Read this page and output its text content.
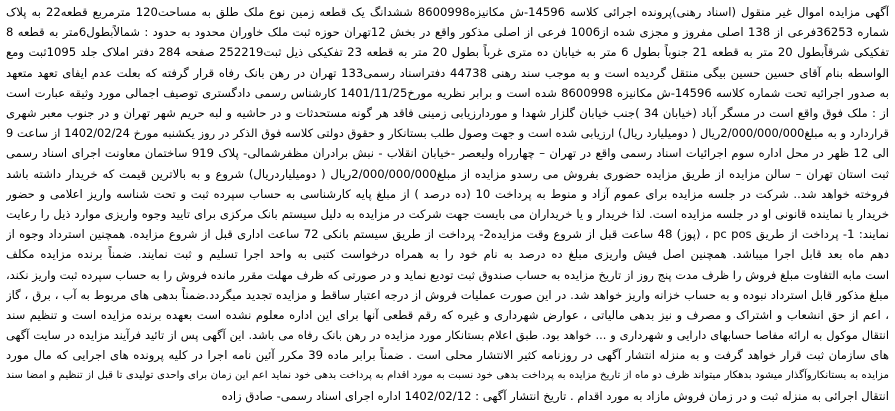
آگهی مزایده اموال غیر منقول (اسناد رهنی)پرونده اجرائی کلاسه 14596-ش مکانیزه8600998 ششدانگ یک قطعه زمین نوع ملک طلق به مساحت120 مترمربع قطعه22 به پلاک
شماره 36253فرعی از 138 اصلی مفروز و مجزی شده از1006 فرعی از اصلی مذکور واقع در بخش 12تهران حوزه ثبت ملک خاوران محدود به حدود : شمالاًبطول6متر به قطعه 8
تفکیکی شرقاًبطول 20 متر به قطعه 21 جنوباً بطول 6 متر به خیابان ده متری غرباً بطول 20 متر به قطعه 23 تفکیکی ذیل ثبت252219 صفحه 284 دفتر املاک جلد 1095ثبت ومع
الواسطه بنام آقای حسین حسین بیگی منتقل گردیده است و به موجب سند رهنی 44738 دفتراسناد رسمی133 تهران در رهن بانک رفاه قرار گرفته که بعلت عدم ایفای تعهد متعهد
به صدور اجرائیه تحت شماره کلاسه 14596-ش مکانیزه 8600998 شده است و برابر نظریه مورخ1401/11/25 کارشناس رسمی دادگستری توصیف اجمالی مورد وثیقه عبارت است
از : ملک فوق واقع است در مسگر آباد (خیابان 34 )جنب خیابان گلزار شهدا و موردارزیابی زمینی فاقد هر گونه مستحدثات و در حاشیه و لبه حریم شهر تهران و در جنوب معبر شهری
قراردارد و به مبلغ2/000/000/000ریال ( دومیلیارد ریال) ارزیابی شده است و جهت وصول طلب بستانکار و حقوق دولتی کلاسه فوق الذکر در روز یکشنبه مورخ 1402/02/24 از ساعت 9
الی 12 ظهر در محل اداره سوم اجرائیات اسناد رسمی واقع در تهران – چهارراه ولیعصر -خیابان انقلاب - نبش برادران مظفرشمالی- پلاک 919 ساختمان معاونت اجرای اسناد رسمی
ثبت استان تهران – سالن مزایده از طریق مزایده حضوری بفروش می رسدو مزایده از مبلغ2/000/000/000ریال ( دومیلیاردریال) شروع و به بالاترین قیمت که خریدار داشته باشد
فروخته خواهد شد.. شرکت در جلسه مزایده برای عموم آزاد و منوط به پرداخت 10 (ده درصد ) از مبلغ پایه کارشناسی به حساب سپرده ثبت و تحت شناسه واریز اعلامی و حضور
خریدار یا نماینده قانونی او در جلسه مزایده است. لذا خریدار و یا خریداران می بایست جهت شرکت در مزایده به دلیل سیستم بانک مرکزی برای تایید وجوه واریزی موارد ذیل را رعایت
نمایند: 1- پرداخت از طریق pc pos ، (پوز) 48 ساعت قبل از شروع وقت مزایده2- پرداخت از طریق سیستم بانکی 72 ساعت اداری قبل از شروع مزایده. همچنین استرداد وجوه از
دهم ماه بعد قابل اجرا میباشد. همچنین اصل فیش واریزی مبلغ ده درصد به نام خود را به همراه درخواست کتبی به واحد اجرا تسلیم و ثبت نمایند. ضمناً برنده مزایده مکلف
است مابه التفاوت مبلغ فروش را ظرف مدت پنج روز از تاریخ مزایده به حساب صندوق ثبت تودیع نماید و در صورتی که ظرف مهلت مقرر مانده فروش را به حساب سپرده ثبت واریز نکند،
مبلغ مذکور قابل استرداد نبوده و به حساب خزانه واریز خواهد شد. در این صورت عملیات فروش از درجه اعتبار ساقط و مزایده تجدید میگردد.ضمناً بدهی های مربوط به آب ، برق ، گاز
، اعم از حق انشعاب و اشتراک و مصرف و نیز بدهی مالیاتی ، عوارض شهرداری و غیره که رقم قطعی آنها برای این اداره معلوم نشده است بعهده برنده مزایده است و تنظیم سند
انتقال موکول به ارائه مفاصا حسابهای دارایی و شهرداری و ... خواهد بود. طبق اعلام بستانکار مورد مزایده در رهن بانک رفاه می باشد. این آگهی پس از تائید فرآیند مزایده در سایت آگهی
های سازمان ثبت قرار خواهد گرفت و به منزله انتشار آگهی در روزنامه کثیر الانتشار محلی است . ضمناً برابر ماده 39 مکرر آئین نامه اجرا در کلیه پرونده های اجرایی که مال مورد
مزایده به بستانکاروآگذار میشود بدهکار میتواند ظرف دو ماه از تاریخ مزایده به پرداخت بدهی خود نسبت به مورد اقدام به پرداخت بدهی خود نماید اعم این زمان برای واحدی تولیدی تا قبل از تنظیم و امضا سند
انتقال اجرائی به منزله ثبت و در زمان فروش مازاد به مورد اقدام . تاریخ انتشار آگهی : 1402/02/12 اداره اجرای اسناد رسمی- صادق زاده
